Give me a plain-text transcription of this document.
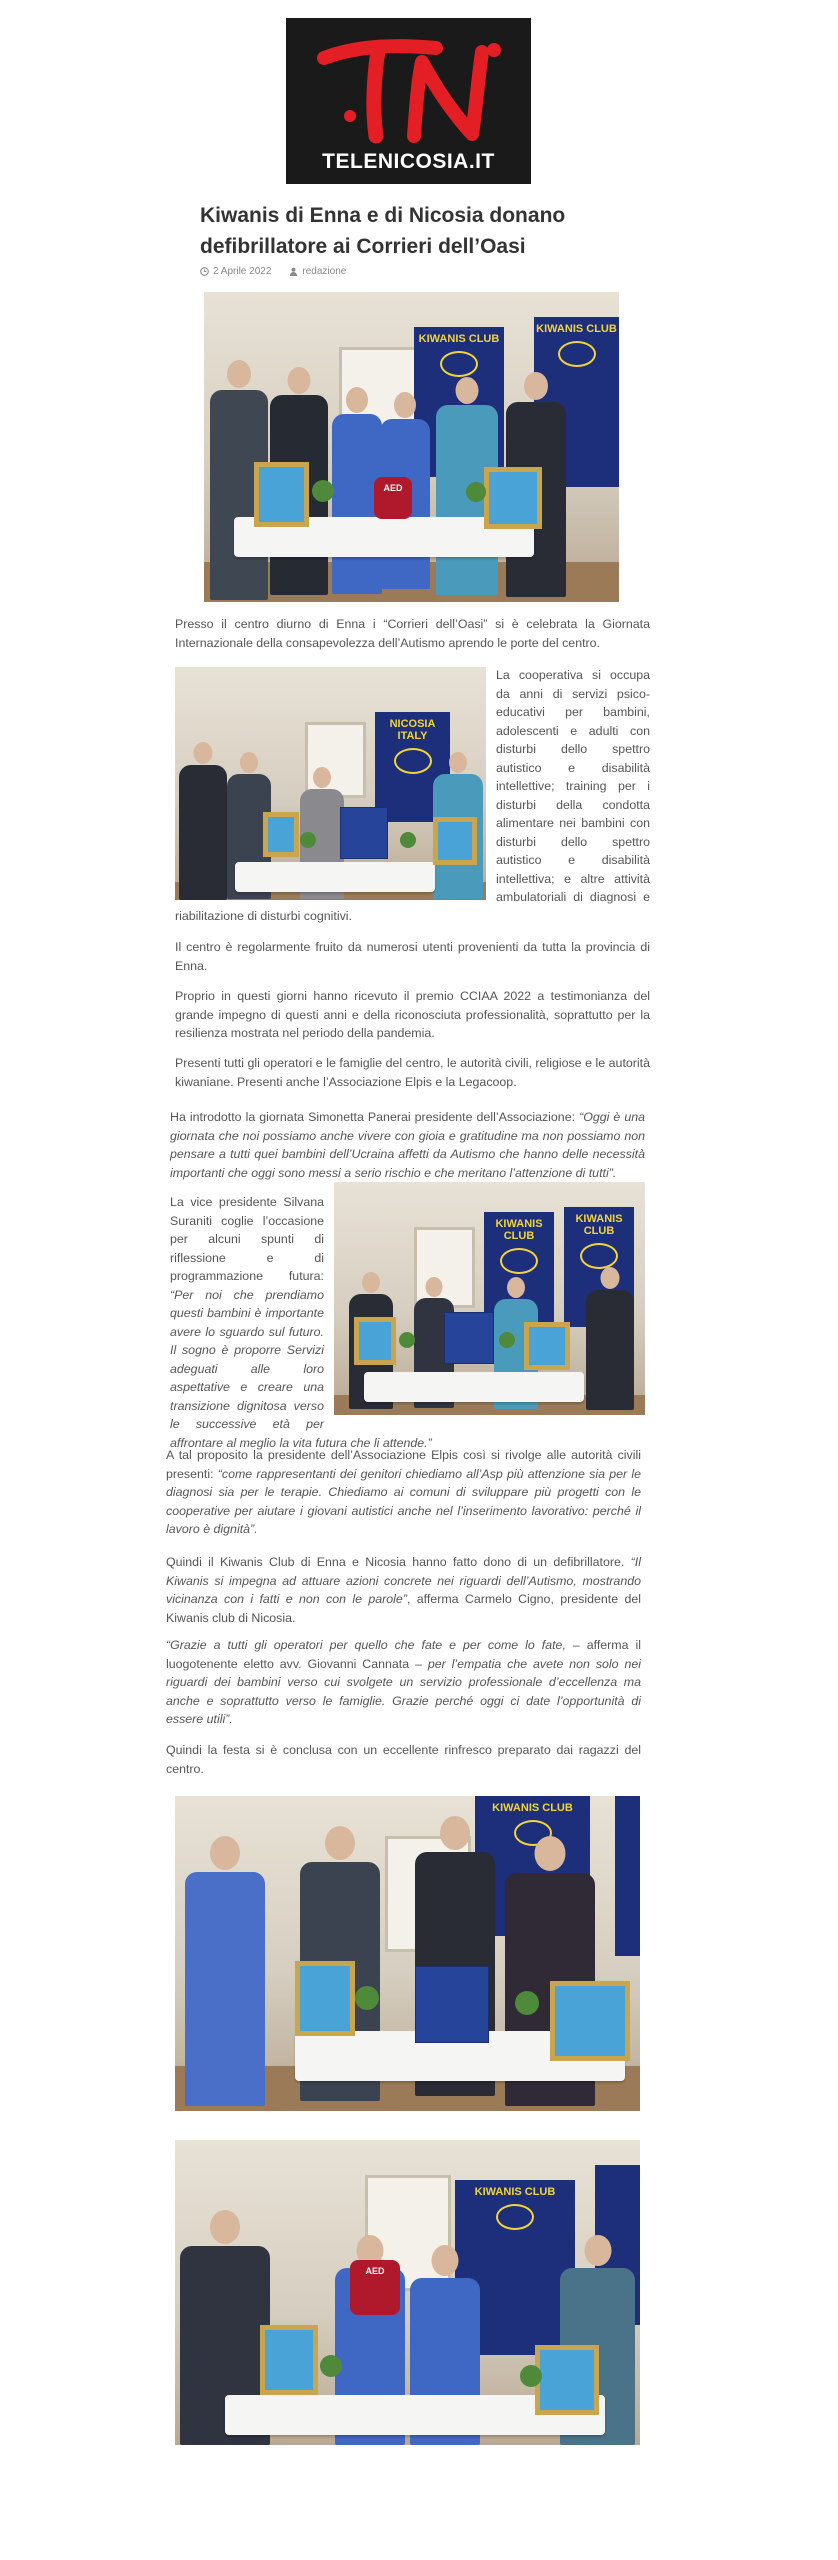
TELENICOSIA.IT
Kiwanis di Enna e di Nicosia donano defibrillatore ai Corrieri dell’Oasi
2 Aprile 2022	redazione
KIWANIS CLUB
KIWANIS CLUB
AED

Presso il centro diurno di Enna i “Corrieri dell’Oasi” si è celebrata la Giornata Internazionale della consapevolezza dell’Autismo aprendo le porte del centro.

NICOSIA ITALY

La cooperativa si occupa da anni di servizi psico-educativi per bambini, adolescenti e adulti con disturbi dello spettro autistico e disabilità intellettive; training per i disturbi della condotta alimentare nei bambini con disturbi dello spettro autistico e disabilità intellettiva; e altre attività ambulatoriali di diagnosi e riabilitazione di disturbi cognitivi.

Il centro è regolarmente fruito da numerosi utenti provenienti da tutta la provincia di Enna.

Proprio in questi giorni hanno ricevuto il premio CCIAA 2022 a testimonianza del grande impegno di questi anni e della riconosciuta professionalità, soprattutto per la resilienza mostrata nel periodo della pandemia.

Presenti tutti gli operatori e le famiglie del centro, le autorità civili, religiose e le autorità kiwaniane. Presenti anche l’Associazione Elpis e la Legacoop.

Ha introdotto la giornata Simonetta Panerai presidente dell’Associazione: “Oggi è una giornata che noi possiamo anche vivere con gioia e gratitudine ma non possiamo non pensare a tutti quei bambini dell’Ucraina affetti da Autismo che hanno delle necessità importanti che oggi sono messi a serio rischio e che meritano l’attenzione di tutti”.

KIWANIS CLUB
KIWANIS CLUB

La vice presidente Silvana Suraniti coglie l’occasione per alcuni spunti di riflessione e di programmazione futura: “Per noi che prendiamo questi bambini è importante avere lo sguardo sul futuro. Il sogno è proporre Servizi adeguati alle loro aspettative e creare una transizione dignitosa verso le successive età per affrontare al meglio la vita futura che li attende.”

A tal proposito la presidente dell’Associazione Elpis così si rivolge alle autorità civili presenti: “come rappresentanti dei genitori chiediamo all’Asp più attenzione sia per le diagnosi sia per le terapie. Chiediamo ai comuni di sviluppare più progetti con le cooperative per aiutare i giovani autistici anche nel l’inserimento lavorativo: perché il lavoro è dignità”.

Quindi il Kiwanis Club di Enna e Nicosia hanno fatto dono di un defibrillatore. “Il Kiwanis si impegna ad attuare azioni concrete nei riguardi dell’Autismo, mostrando vicinanza con i fatti e non con le parole”, afferma Carmelo Cigno, presidente del Kiwanis club di Nicosia.

“Grazie a tutti gli operatori per quello che fate e per come lo fate, – afferma il luogotenente eletto avv. Giovanni Cannata – per l’empatia che avete non solo nei riguardi dei bambini verso cui svolgete un servizio professionale d’eccellenza ma anche e soprattutto verso le famiglie. Grazie perché oggi ci date l’opportunità di essere utili”.

Quindi la festa si è conclusa con un eccellente rinfresco preparato dai ragazzi del centro.

KIWANIS CLUB
KIWANIS CLUB
AED
